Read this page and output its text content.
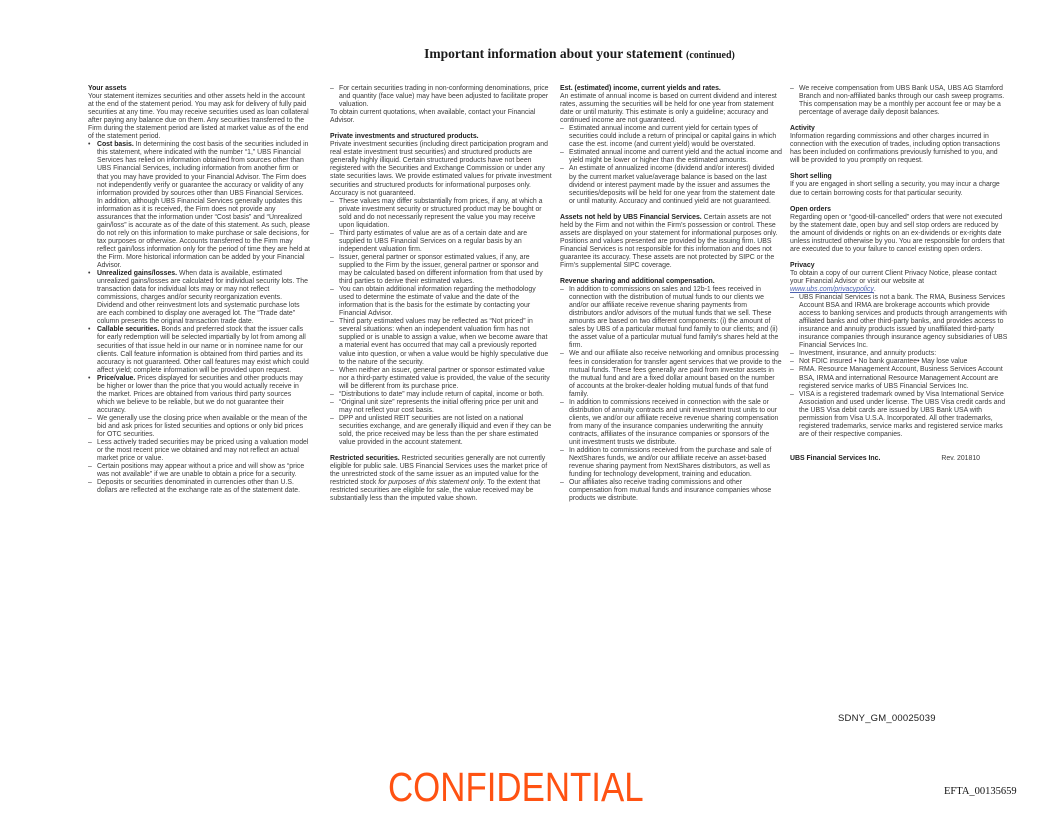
Important information about your statement (continued)
Your assets
Your statement itemizes securities and other assets held in the account at the end of the statement period. You may ask for delivery of fully paid securities at any time. You may receive securities used as loan collateral after paying any balance due on them. Any securities transferred to the Firm during the statement period are listed at market value as of the end of the statement period.
• Cost basis. In determining the cost basis of the securities included in this statement, where indicated with the number “1,” UBS Financial Services has relied on information obtained from sources other than UBS Financial Services, including information from another firm or that you may have provided to your Financial Advisor. The Firm does not independently verify or guarantee the accuracy or validity of any information provided by sources other than UBS Financial Services. In addition, although UBS Financial Services generally updates this information as it is received, the Firm does not provide any assurances that the information under “Cost basis” and “Unrealized gain/loss” is accurate as of the date of this statement. As such, please do not rely on this information to make purchase or sale decisions, for tax purposes or otherwise. Accounts transferred to the Firm may reflect gain/loss information only for the period of time they are held at the Firm. More historical information can be added by your Financial Advisor.
• Unrealized gains/losses. When data is available, estimated unrealized gains/losses are calculated for individual security lots. The transaction data for individual lots may or may not reflect commissions, charges and/or security reorganization events. Dividend and other reinvestment lots and systematic purchase lots are each combined to display one averaged lot. The “Trade date” column presents the original transaction trade date.
• Callable securities. Bonds and preferred stock that the issuer calls for early redemption will be selected impartially by lot from among all securities of that issue held in our name or in nominee name for our clients. Call feature information is obtained from third parties and its accuracy is not guaranteed. Other call features may exist which could affect yield; complete information will be provided upon request.
• Price/value. Prices displayed for securities and other products may be higher or lower than the price that you would actually receive in the market. Prices are obtained from various third party sources which we believe to be reliable, but we do not guarantee their accuracy.
– We generally use the closing price when available or the mean of the bid and ask prices for listed securities and options or only bid prices for OTC securities.
– Less actively traded securities may be priced using a valuation model or the most recent price we obtained and may not reflect an actual market price or value.
– Certain positions may appear without a price and will show as “price was not available” if we are unable to obtain a price for a security.
– Deposits or securities denominated in currencies other than U.S. dollars are reflected at the exchange rate as of the statement date.
– For certain securities trading in non-conforming denominations, price and quantity (face value) may have been adjusted to facilitate proper valuation.
To obtain current quotations, when available, contact your Financial Advisor.
Private investments and structured products.
Private investment securities (including direct participation program and real estate investment trust securities) and structured products are generally highly illiquid. Certain structured products have not been registered with the Securities and Exchange Commission or under any state securities laws. We provide estimated values for private investment securities and structured products for informational purposes only. Accuracy is not guaranteed.
– These values may differ substantially from prices, if any, at which a private investment security or structured product may be bought or sold and do not necessarily represent the value you may receive upon liquidation.
– Third party estimates of value are as of a certain date and are supplied to UBS Financial Services on a regular basis by an independent valuation firm.
– Issuer, general partner or sponsor estimated values, if any, are supplied to the Firm by the issuer, general partner or sponsor and may be calculated based on different information from that used by third parties to derive their estimated values.
– You can obtain additional information regarding the methodology used to determine the estimate of value and the date of the information that is the basis for the estimate by contacting your Financial Advisor.
– Third party estimated values may be reflected as “Not priced” in several situations: when an independent valuation firm has not supplied or is unable to assign a value, when we become aware that a material event has occurred that may call a previously reported value into question, or when a value would be highly speculative due to the nature of the security.
– When neither an issuer, general partner or sponsor estimated value nor a third-party estimated value is provided, the value of the security will be different from its purchase price.
– “Distributions to date” may include return of capital, income or both.
– “Original unit size” represents the initial offering price per unit and may not reflect your cost basis.
– DPP and unlisted REIT securities are not listed on a national securities exchange, and are generally illiquid and even if they can be sold, the price received may be less than the per share estimated value provided in the account statement.
Restricted securities. Restricted securities generally are not currently eligible for public sale. UBS Financial Services uses the market price of the unrestricted stock of the same issuer as an imputed value for the restricted stock for purposes of this statement only. To the extent that restricted securities are eligible for sale, the value received may be substantially less than the imputed value shown.
Est. (estimated) income, current yields and rates.
An estimate of annual income is based on current dividend and interest rates, assuming the securities will be held for one year from statement date or until maturity. This estimate is only a guideline; accuracy and continued income are not guaranteed.
– Estimated annual income and current yield for certain types of securities could include a return of principal or capital gains in which case the est. income (and current yield) would be overstated.
– Estimated annual income and current yield and the actual income and yield might be lower or higher than the estimated amounts.
– An estimate of annualized income (dividend and/or interest) divided by the current market value/average balance is based on the last dividend or interest payment made by the issuer and assumes the securities/deposits will be held for one year from the statement date or until maturity. Accuracy and continued yield are not guaranteed.
Assets not held by UBS Financial Services. Certain assets are not held by the Firm and not within the Firm’s possession or control. These assets are displayed on your statement for informational purposes only. Positions and values presented are provided by the issuing firm. UBS Financial Services is not responsible for this information and does not guarantee its accuracy. These assets are not protected by SIPC or the Firm’s supplemental SIPC coverage.
Revenue sharing and additional compensation.
– In addition to commissions on sales and 12b-1 fees received in connection with the distribution of mutual funds to our clients we and/or our affiliate receive revenue sharing payments from distributors and/or advisors of the mutual funds that we sell. These amounts are based on two different components: (i) the amount of sales by UBS of a particular mutual fund family to our clients; and (ii) the asset value of a particular mutual fund family’s shares held at the firm.
– We and our affiliate also receive networking and omnibus processing fees in consideration for transfer agent services that we provide to the mutual funds. These fees generally are paid from investor assets in the mutual fund and are a fixed dollar amount based on the number of accounts at the broker-dealer holding mutual funds of that fund family.
– In addition to commissions received in connection with the sale or distribution of annuity contracts and unit investment trust units to our clients, we and/or our affiliate receive revenue sharing compensation from many of the insurance companies underwriting the annuity contracts, affiliates of the insurance companies or sponsors of the unit investment trusts we distribute.
– In addition to commissions received from the purchase and sale of NextShares funds, we and/or our affiliate receive an asset-based revenue sharing payment from NextShares distributors, as well as funding for technology development, training and education.
– Our affiliates also receive trading commissions and other compensation from mutual funds and insurance companies whose products we distribute.
– We receive compensation from UBS Bank USA, UBS AG Stamford Branch and non-affiliated banks through our cash sweep programs. This compensation may be a monthly per account fee or may be a percentage of average daily deposit balances.
Activity
Information regarding commissions and other charges incurred in connection with the execution of trades, including option transactions has been included on confirmations previously furnished to you, and will be provided to you promptly on request.
Short selling
If you are engaged in short selling a security, you may incur a charge due to certain borrowing costs for that particular security.
Open orders
Regarding open or “good-till-cancelled” orders that were not executed by the statement date, open buy and sell stop orders are reduced by the amount of dividends or rights on an ex-dividends or ex-rights date unless instructed otherwise by you. You are responsible for orders that are executed due to your failure to cancel existing open orders.
Privacy
To obtain a copy of our current Client Privacy Notice, please contact your Financial Advisor or visit our website at www.ubs.com/privacypolicy.
– UBS Financial Services is not a bank. The RMA, Business Services Account BSA and IRMA are brokerage accounts which provide access to banking services and products through arrangements with affiliated banks and other third-party banks, and provides access to insurance and annuity products issued by unaffiliated third-party insurance companies through insurance agency subsidiaries of UBS Financial Services Inc.
– Investment, insurance, and annuity products:
– Not FDIC insured • No bank guarantee• May lose value
– RMA. Resource Management Account, Business Services Account BSA, IRMA and international Resource Management Account are registered service marks of UBS Financial Services Inc.
– VISA is a registered trademark owned by Visa International Service Association and used under license. The UBS Visa credit cards and the UBS Visa debit cards are issued by UBS Bank USA with permission from Visa U.S.A. Incorporated. All other trademarks, registered trademarks, service marks and registered service marks are of their respective companies.
UBS Financial Services Inc.	Rev. 201810
SDNY_GM_00025039
CONFIDENTIAL	EFTA_00135659
